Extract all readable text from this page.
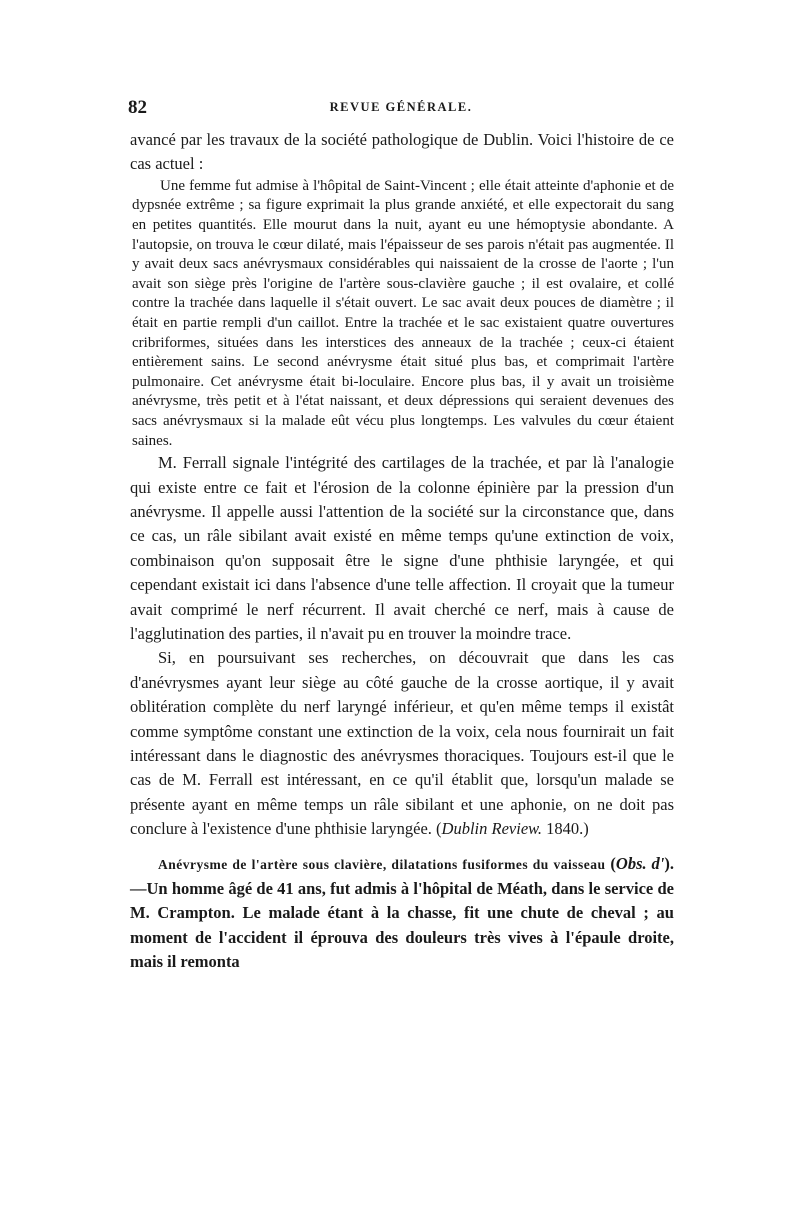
82	REVUE GÉNÉRALE.

avancé par les travaux de la société pathologique de Dublin. Voici l'histoire de ce cas actuel :

Une femme fut admise à l'hôpital de Saint-Vincent ; elle était atteinte d'aphonie et de dypsnée extrême ; sa figure exprimait la plus grande anxiété, et elle expectorait du sang en petites quantités. Elle mourut dans la nuit, ayant eu une hémoptysie abondante. A l'autopsie, on trouva le cœur dilaté, mais l'épaisseur de ses parois n'était pas augmentée. Il y avait deux sacs anévrysmaux considérables qui naissaient de la crosse de l'aorte ; l'un avait son siège près l'origine de l'artère sous-clavière gauche ; il est ovalaire, et collé contre la trachée dans laquelle il s'était ouvert. Le sac avait deux pouces de diamètre ; il était en partie rempli d'un caillot. Entre la trachée et le sac existaient quatre ouvertures cribriformes, situées dans les interstices des anneaux de la trachée ; ceux-ci étaient entièrement sains. Le second anévrysme était situé plus bas, et comprimait l'artère pulmonaire. Cet anévrysme était bi-loculaire. Encore plus bas, il y avait un troisième anévrysme, très petit et à l'état naissant, et deux dépressions qui seraient devenues des sacs anévrysmaux si la malade eût vécu plus longtemps. Les valvules du cœur étaient saines.

M. Ferrall signale l'intégrité des cartilages de la trachée, et par là l'analogie qui existe entre ce fait et l'érosion de la colonne épinière par la pression d'un anévrysme. Il appelle aussi l'attention de la société sur la circonstance que, dans ce cas, un râle sibilant avait existé en même temps qu'une extinction de voix, combinaison qu'on supposait être le signe d'une phthisie laryngée, et qui cependant existait ici dans l'absence d'une telle affection. Il croyait que la tumeur avait comprimé le nerf récurrent. Il avait cherché ce nerf, mais à cause de l'agglutination des parties, il n'avait pu en trouver la moindre trace.

Si, en poursuivant ses recherches, on découvrait que dans les cas d'anévrysmes ayant leur siège au côté gauche de la crosse aortique, il y avait oblitération complète du nerf laryngé inférieur, et qu'en même temps il existât comme symptôme constant une extinction de la voix, cela nous fournirait un fait intéressant dans le diagnostic des anévrysmes thoraciques. Toujours est-il que le cas de M. Ferrall est intéressant, en ce qu'il établit que, lorsqu'un malade se présente ayant en même temps un râle sibilant et une aphonie, on ne doit pas conclure à l'existence d'une phthisie laryngée. (Dublin Review. 1840.)

Anévrysme de l'artère sous clavière, dilatations fusiformes du vaisseau (Obs. d').—Un homme âgé de 41 ans, fut admis à l'hôpital de Méath, dans le service de M. Crampton. Le malade étant à la chasse, fit une chute de cheval ; au moment de l'accident il éprouva des douleurs très vives à l'épaule droite, mais il remonta
